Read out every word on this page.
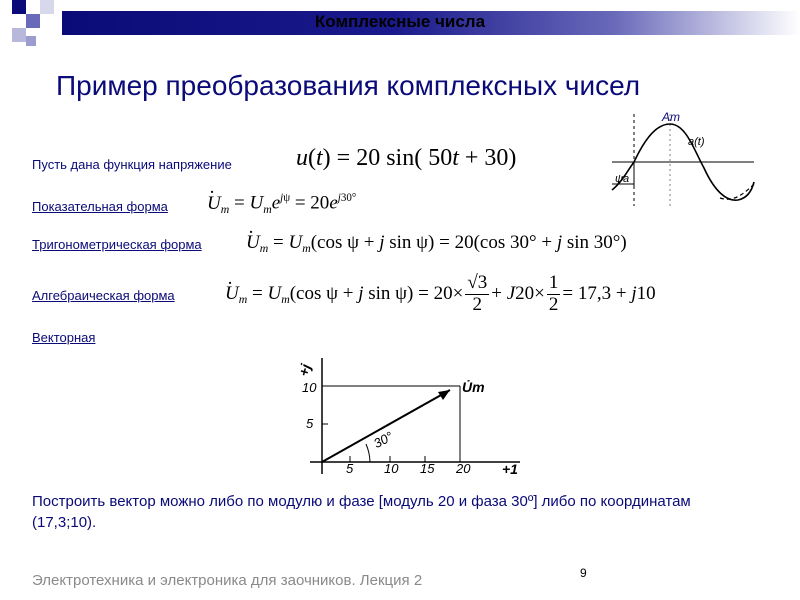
Комплексные числа
Пример преобразования комплексных чисел
Am
a(t)
ψa
Пусть дана функция напряжение	u(t) = 20 sin( 50t + 30)
Показательная форма · $U_m = U_me^{j\psi} = 20e^{j30^\circ}$
Тригонометрическая форма · $U_m = U_m(\cos$ ψ + j sin ψ) = 20(cos 30° + j sin 30°)
Алгебраическая форма	· $U_m = U_m(\cos$ ψ + j $\sin \psi) = 20\times \frac{√3}{2} + J20\times \frac{1}{2} = 17,3 + j10$
Векторная
+j
+1
5 10 15 20
5
10
30°
U̇m
Построить вектор можно либо по модулю и фазе [модуль 20 и фаза 30º] либо по координатам (17,3;10).
Электротехника и электроника для заочников. Лекция 2	9
